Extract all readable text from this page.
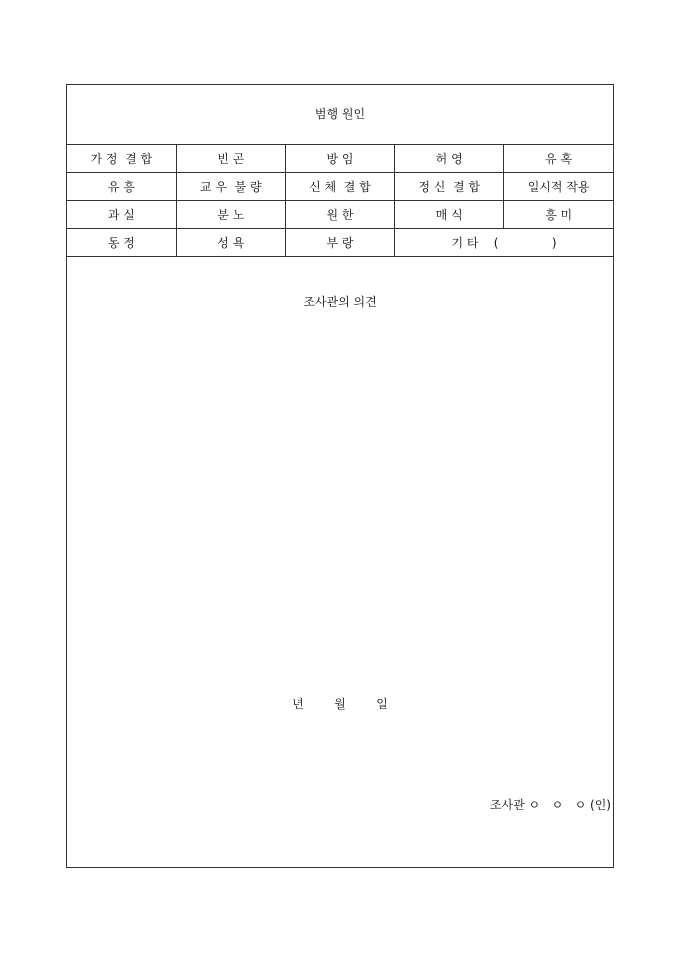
범행 원인
가 정  결 합	빈 곤	방 임	허 영	유 혹
유 흥	교 우  불 량	신 체  결 합	정 신  결 합	일시적 작용
과 실	분 노	원 한	매 식	흥 미
동 정	성 욕	부 랑	기 타    (              )	
조사관의 의견
년        월        일
조사관 ㅇ   ㅇ   ㅇ (인)
